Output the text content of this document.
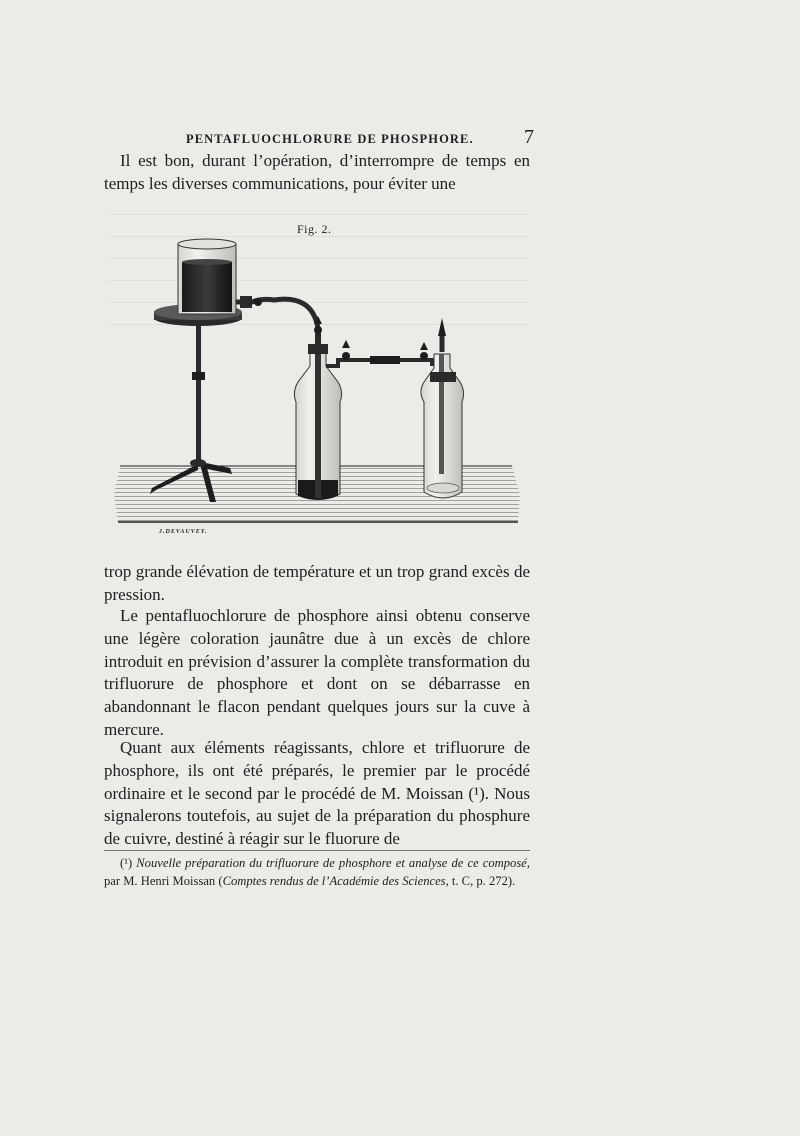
PENTAFLUOCHLORURE DE PHOSPHORE.	7

Il est bon, durant l’opération, d’interrompre de temps en temps les diverses communications, pour éviter une

Fig. 2.
J.DEVAUVEY.

trop grande élévation de température et un trop grand excès de pression.

Le pentafluochlorure de phosphore ainsi obtenu conserve une légère coloration jaunâtre due à un excès de chlore introduit en prévision d’assurer la complète transformation du trifluorure de phosphore et dont on se débarrasse en abandonnant le flacon pendant quelques jours sur la cuve à mercure.

Quant aux éléments réagissants, chlore et trifluorure de phosphore, ils ont été préparés, le premier par le procédé ordinaire et le second par le procédé de M. Moissan (¹). Nous signalerons toutefois, au sujet de la préparation du phosphure de cuivre, destiné à réagir sur le fluorure de

(¹) Nouvelle préparation du trifluorure de phosphore et analyse de ce composé, par M. Henri Moissan (Comptes rendus de l’Académie des Sciences, t. C, p. 272).
